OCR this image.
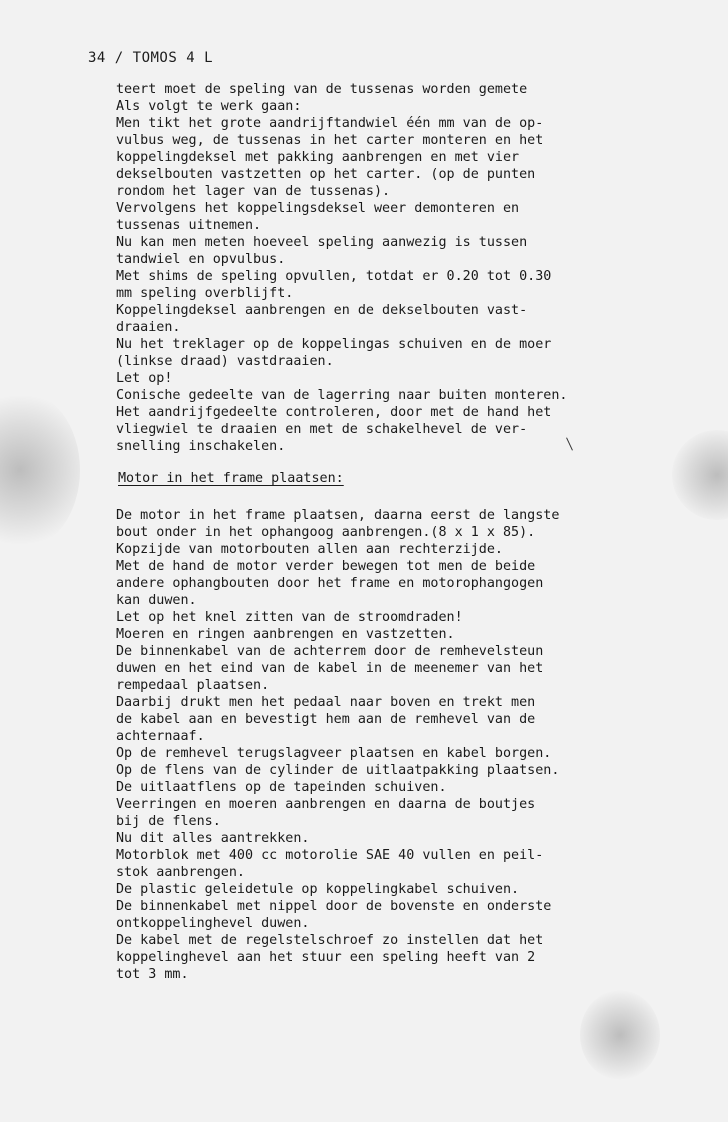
34 / TOMOS 4 L
teert moet de speling van de tussenas worden gemete
Als volgt te werk gaan:
Men tikt het grote aandrijftandwiel één mm van de op-
vulbus weg, de tussenas in het carter monteren en het
koppelingdeksel met pakking aanbrengen en met vier
dekselbouten vastzetten op het carter. (op de punten
rondom het lager van de tussenas).
Vervolgens het koppelingsdeksel weer demonteren en
tussenas uitnemen.
Nu kan men meten hoeveel speling aanwezig is tussen
tandwiel en opvulbus.
Met shims de speling opvullen, totdat er 0.20 tot 0.30
mm speling overblijft.
Koppelingdeksel aanbrengen en de dekselbouten vast-
draaien.
Nu het treklager op de koppelingas schuiven en de moer
(linkse draad) vastdraaien.
Let op!
Conische gedeelte van de lagerring naar buiten monteren.
Het aandrijfgedeelte controleren, door met de hand het
vliegwiel te draaien en met de schakelhevel de ver-
snelling inschakelen.
Motor in het frame plaatsen:
De motor in het frame plaatsen, daarna eerst de langste
bout onder in het ophangoog aanbrengen.(8 x 1 x 85).
Kopzijde van motorbouten allen aan rechterzijde.
Met de hand de motor verder bewegen tot men de beide
andere ophangbouten door het frame en motorophangogen
kan duwen.
Let op het knel zitten van de stroomdraden!
Moeren en ringen aanbrengen en vastzetten.
De binnenkabel van de achterrem door de remhevelsteun
duwen en het eind van de kabel in de meenemer van het
rempedaal plaatsen.
Daarbij drukt men het pedaal naar boven en trekt men
de kabel aan en bevestigt hem aan de remhevel van de
achternaaf.
Op de remhevel terugslagveer plaatsen en kabel borgen.
Op de flens van de cylinder de uitlaatpakking plaatsen.
De uitlaatflens op de tapeinden schuiven.
Veerringen en moeren aanbrengen en daarna de boutjes
bij de flens.
Nu dit alles aantrekken.
Motorblok met 400 cc motorolie SAE 40 vullen en peil-
stok aanbrengen.
De plastic geleidetule op koppelingkabel schuiven.
De binnenkabel met nippel door de bovenste en onderste
ontkoppelinghevel duwen.
De kabel met de regelstelschroef zo instellen dat het
koppelinghevel aan het stuur een speling heeft van 2
tot 3 mm.
